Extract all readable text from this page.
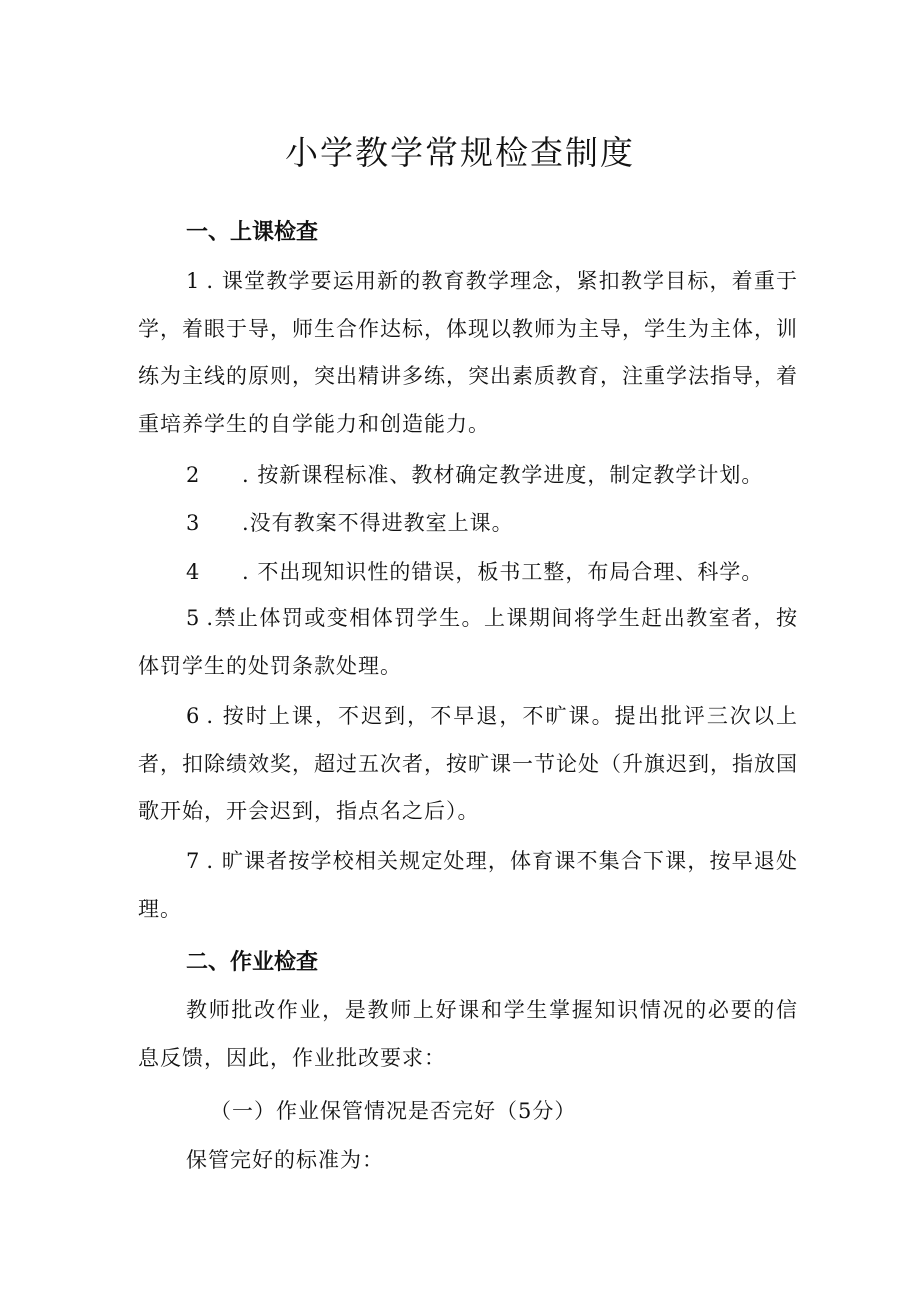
小学教学常规检查制度
一、上课检查

1 . 课堂教学要运用新的教育教学理念，紧扣教学目标，着重于学，着眼于导，师生合作达标，体现以教师为主导，学生为主体，训练为主线的原则，突出精讲多练，突出素质教育，注重学法指导，着重培养学生的自学能力和创造能力。

2 . 按新课程标准、教材确定教学进度，制定教学计划。

3 .没有教案不得进教室上课。

4 . 不出现知识性的错误，板书工整，布局合理、科学。

5 .禁止体罚或变相体罚学生。上课期间将学生赶出教室者，按体罚学生的处罚条款处理。

6 . 按时上课，不迟到，不早退，不旷课。提出批评三次以上者，扣除绩效奖，超过五次者，按旷课一节论处（升旗迟到，指放国歌开始，开会迟到，指点名之后）。

7 . 旷课者按学校相关规定处理，体育课不集合下课，按早退处理。

二、作业检查

教师批改作业，是教师上好课和学生掌握知识情况的必要的信息反馈，因此，作业批改要求：

（一）作业保管情况是否完好（5分）

保管完好的标准为：
